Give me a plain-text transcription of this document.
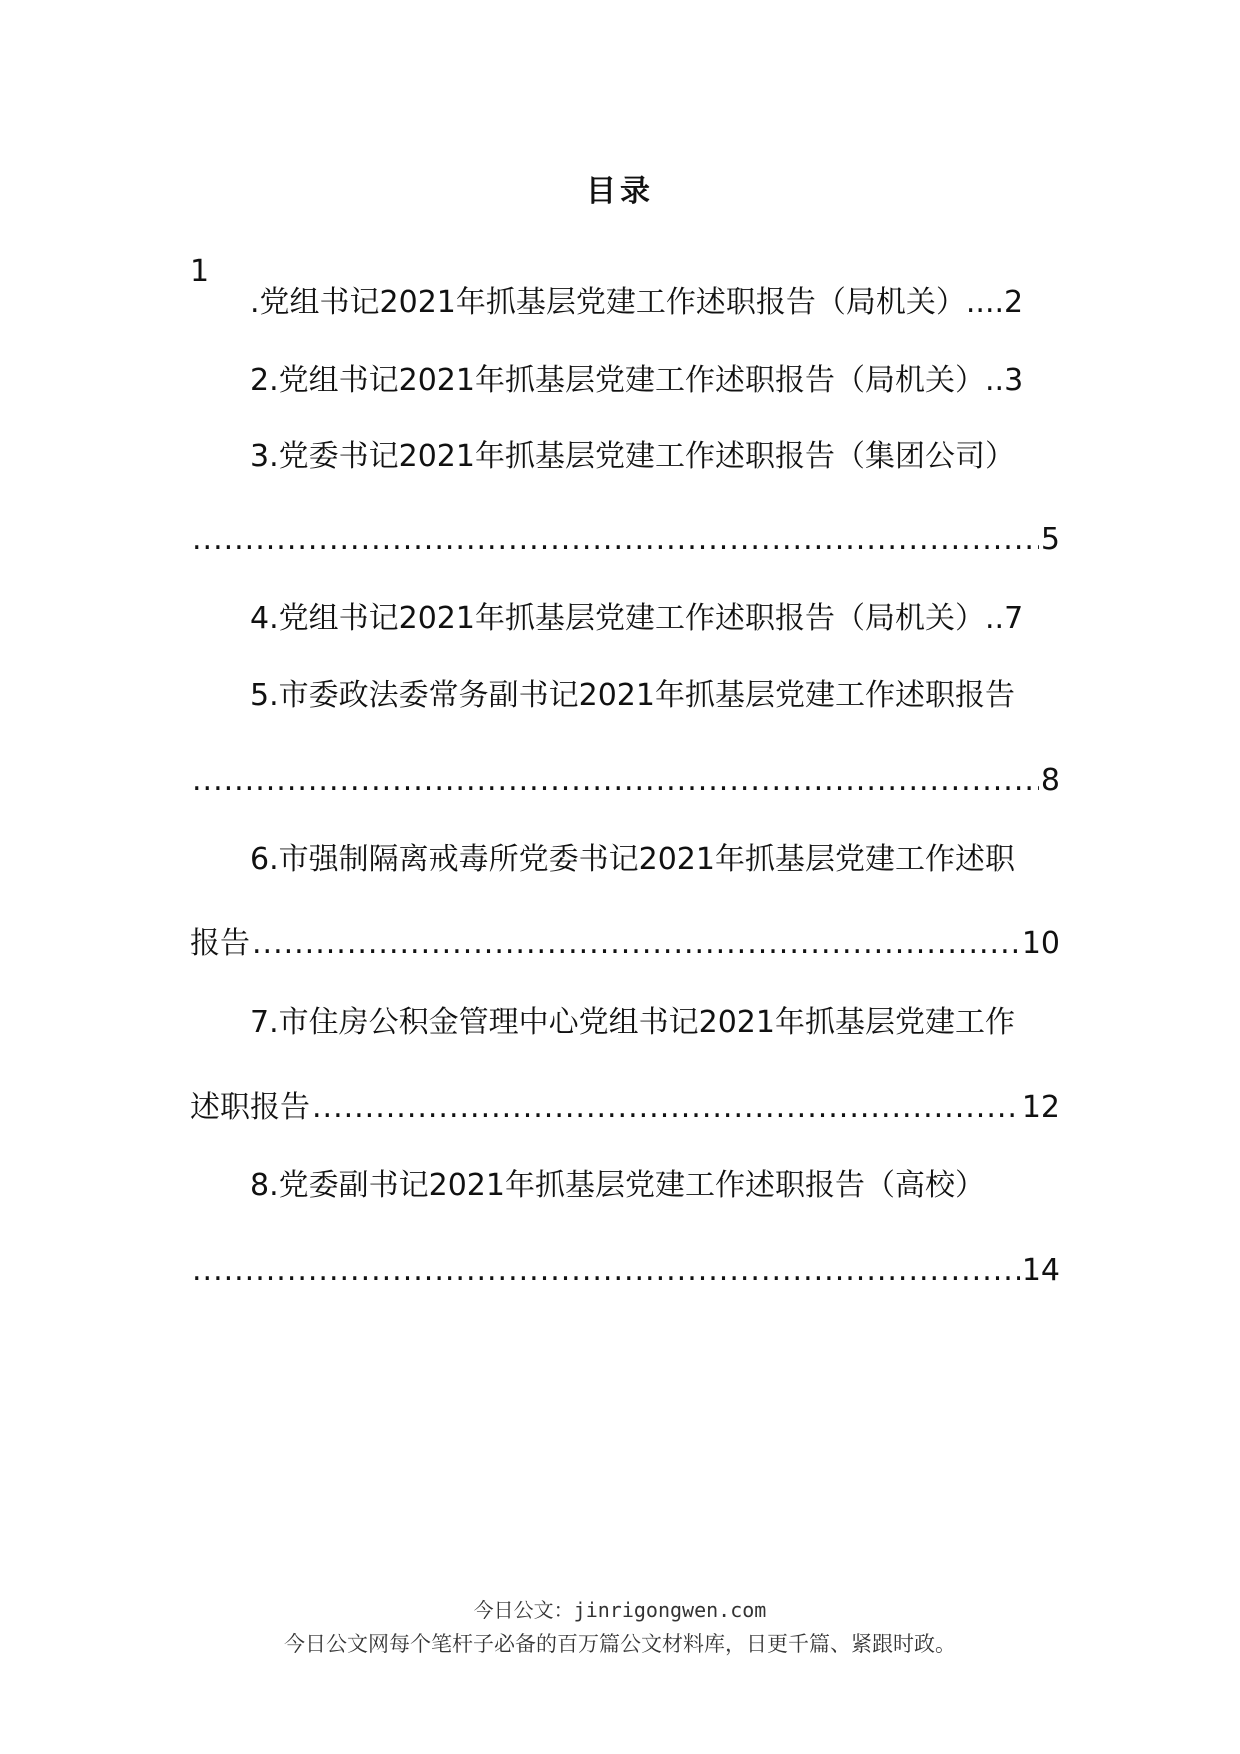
目录
1
.党组书记2021年抓基层党建工作述职报告（局机关）....2
2.党组书记2021年抓基层党建工作述职报告（局机关）..3
3.党委书记2021年抓基层党建工作述职报告（集团公司）
.....
5
4.党组书记2021年抓基层党建工作述职报告（局机关）..7
5.市委政法委常务副书记2021年抓基层党建工作述职报告
.....
8
6.市强制隔离戒毒所党委书记2021年抓基层党建工作述职
报告 .....	10
7.市住房公积金管理中心党组书记2021年抓基层党建工作
述职报告 .....	12
8.党委副书记2021年抓基层党建工作述职报告（高校）
.....
14
今日公文：jinrigongwen.com
今日公文网每个笔杆子必备的百万篇公文材料库，日更千篇、紧跟时政。
